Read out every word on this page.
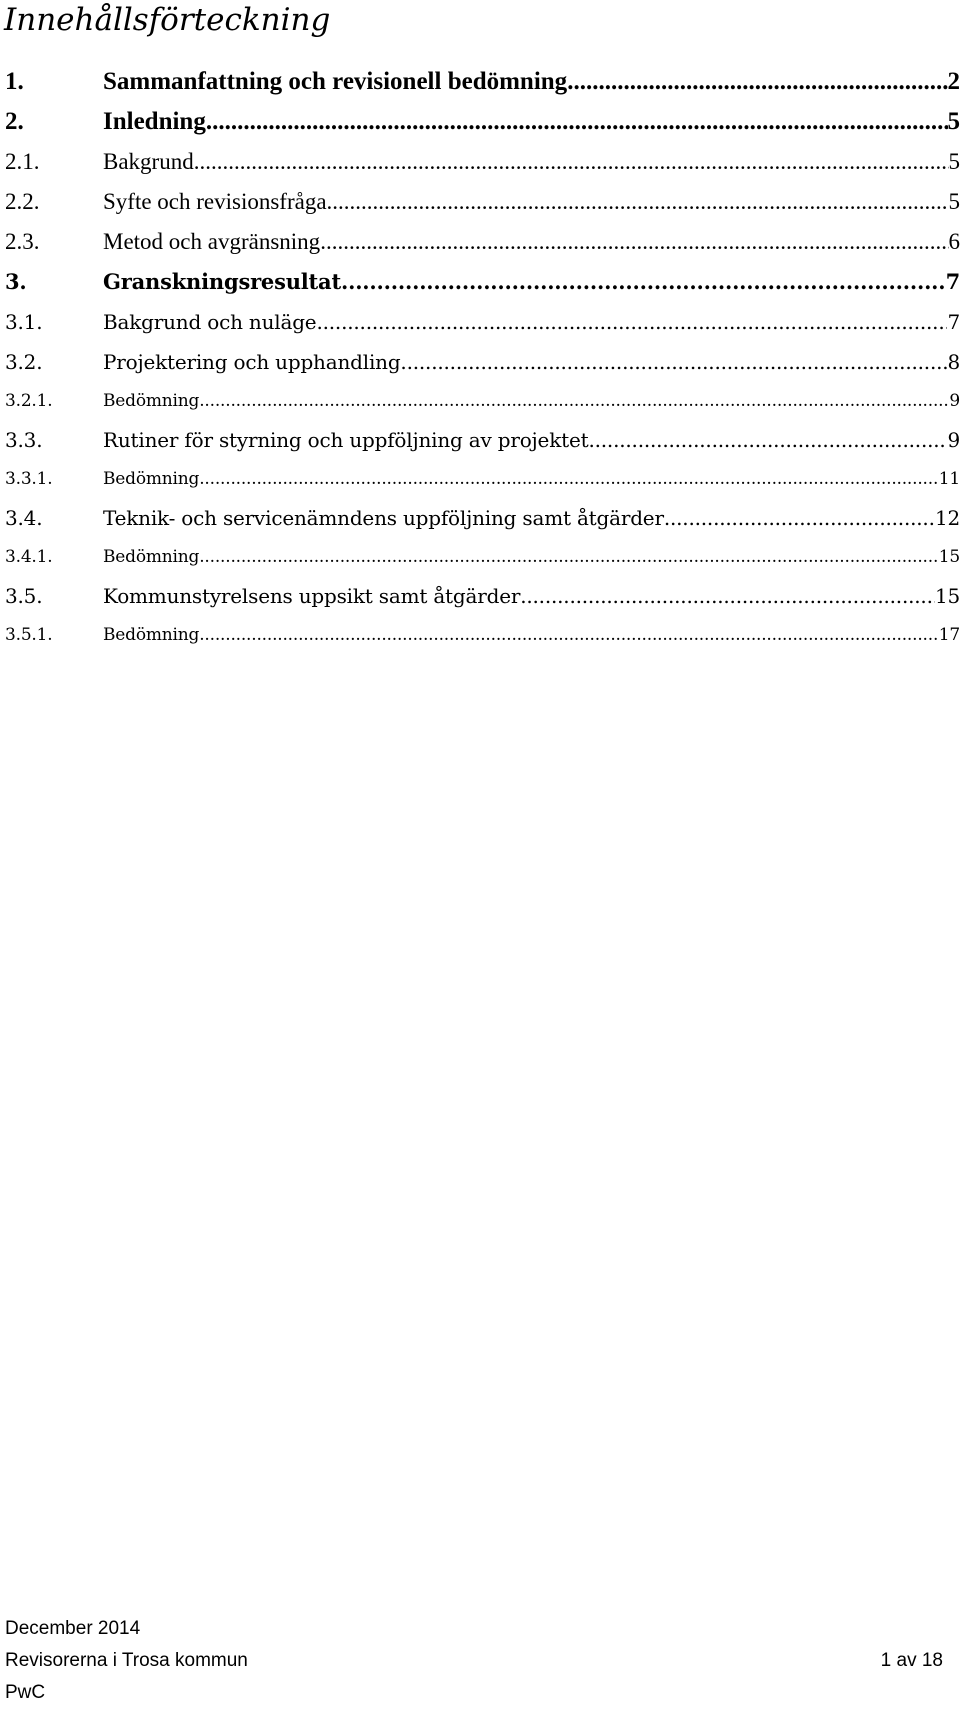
Innehållsförteckning
1.	Sammanfattning och revisionell bedömning .....	2
2.	Inledning .....	5
2.1.	Bakgrund .....	5
2.2.	Syfte och revisionsfråga .....	5
2.3.	Metod och avgränsning .....	6
3.	Granskningsresultat .....	7
3.1.	Bakgrund och nuläge .....	7
3.2.	Projektering och upphandling .....	8
3.2.1.	Bedömning .....	9
3.3.	Rutiner för styrning och uppföljning av projektet .....	9
3.3.1.	Bedömning .....	11
3.4.	Teknik- och servicenämndens uppföljning samt åtgärder .....	12
3.4.1.	Bedömning .....	15
3.5.	Kommunstyrelsens uppsikt samt åtgärder .....	15
3.5.1.	Bedömning .....	17
December 2014
Revisorerna i Trosa kommun	1 av 18
PwC
